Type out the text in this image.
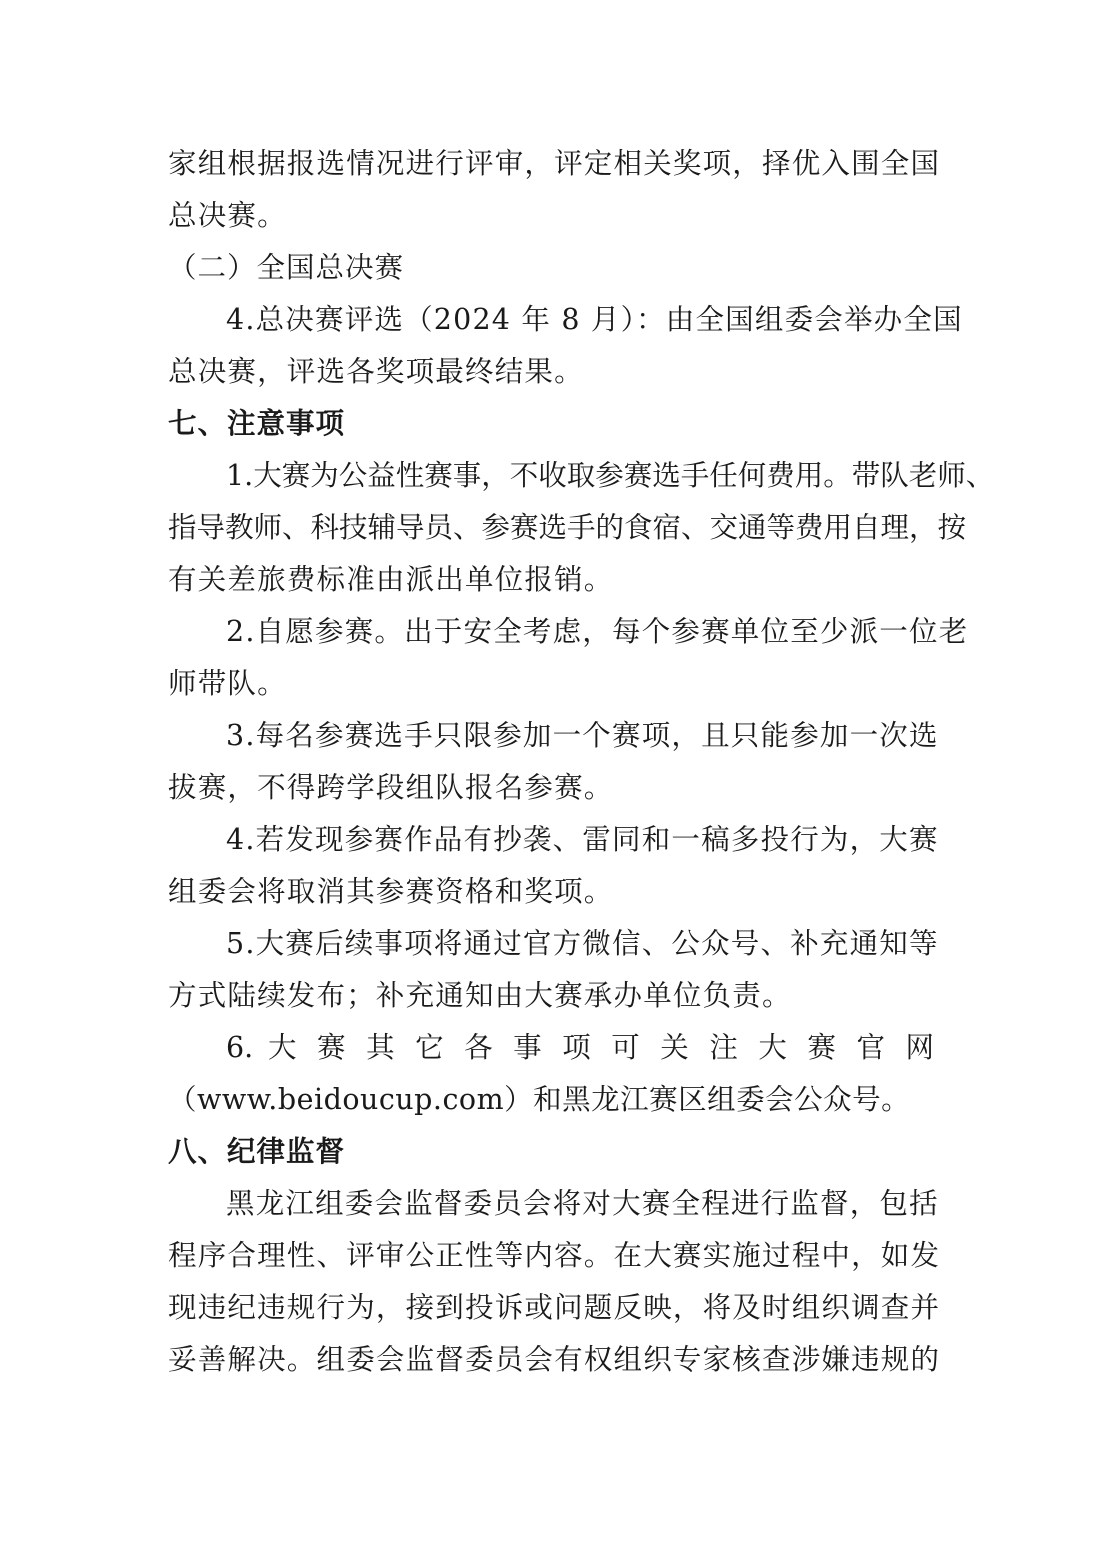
家组根据报选情况进行评审，评定相关奖项，择优入围全国
总决赛。
（二）全国总决赛
4.总决赛评选（2024 年 8 月）：由全国组委会举办全国
总决赛，评选各奖项最终结果。
七、注意事项
1.大赛为公益性赛事，不收取参赛选手任何费用。带队老师、
指导教师、科技辅导员、参赛选手的食宿、交通等费用自理，按
有关差旅费标准由派出单位报销。
2.自愿参赛。出于安全考虑，每个参赛单位至少派一位老
师带队。
3.每名参赛选手只限参加一个赛项，且只能参加一次选
拔赛，不得跨学段组队报名参赛。
4.若发现参赛作品有抄袭、雷同和一稿多投行为，大赛
组委会将取消其参赛资格和奖项。
5.大赛后续事项将通过官方微信、公众号、补充通知等
方式陆续发布；补充通知由大赛承办单位负责。
6. 大 赛 其 它 各 事 项 可 关 注 大 赛 官 网
（www.beidoucup.com）和黑龙江赛区组委会公众号。
八、纪律监督
黑龙江组委会监督委员会将对大赛全程进行监督，包括
程序合理性、评审公正性等内容。在大赛实施过程中，如发
现违纪违规行为，接到投诉或问题反映，将及时组织调查并
妥善解决。组委会监督委员会有权组织专家核查涉嫌违规的
